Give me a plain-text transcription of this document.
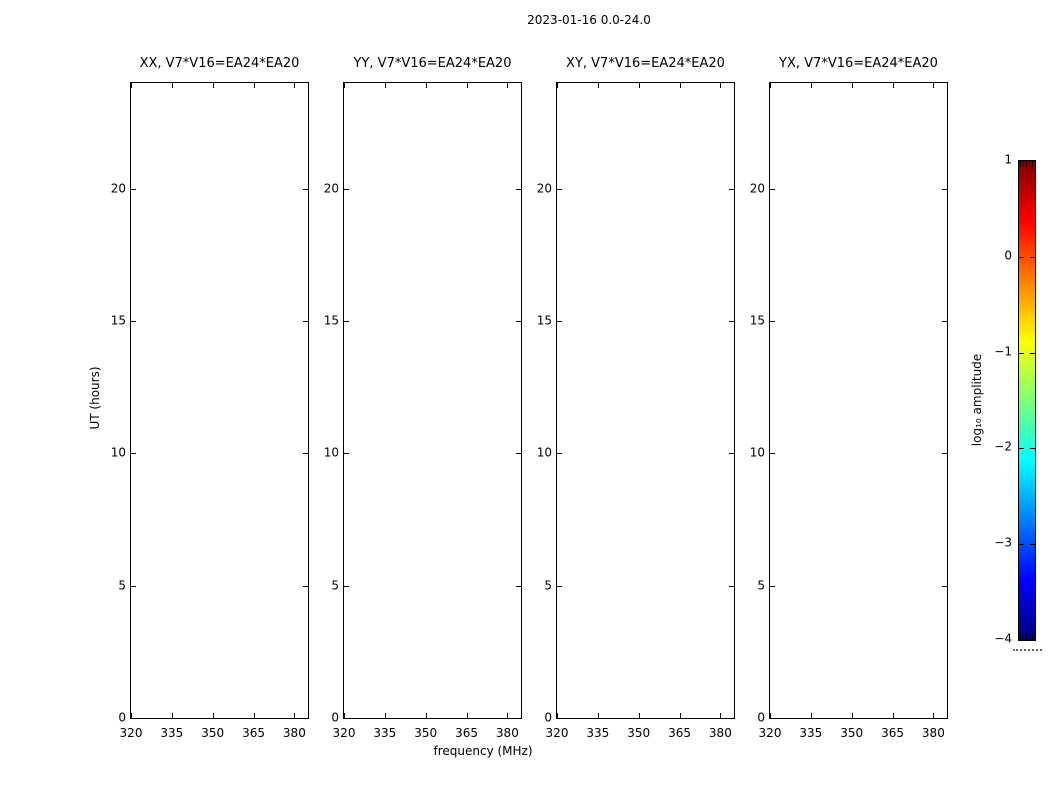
2023-01-16 0.0-24.0
UT (hours)
frequency (MHz)
log₁₀ amplitude
XX, V7*V16=EA24*EA20
320 335 350 365 380
0
5
10
15
20
YY, V7*V16=EA24*EA20
320 335 350 365 380
0
5
10
15
20
XY, V7*V16=EA24*EA20
320 335 350 365 380
0
5
10
15
20
YX, V7*V16=EA24*EA20
320 335 350 365 380
0
5
10
15
20
1
0
−1
−2
−3
−4
